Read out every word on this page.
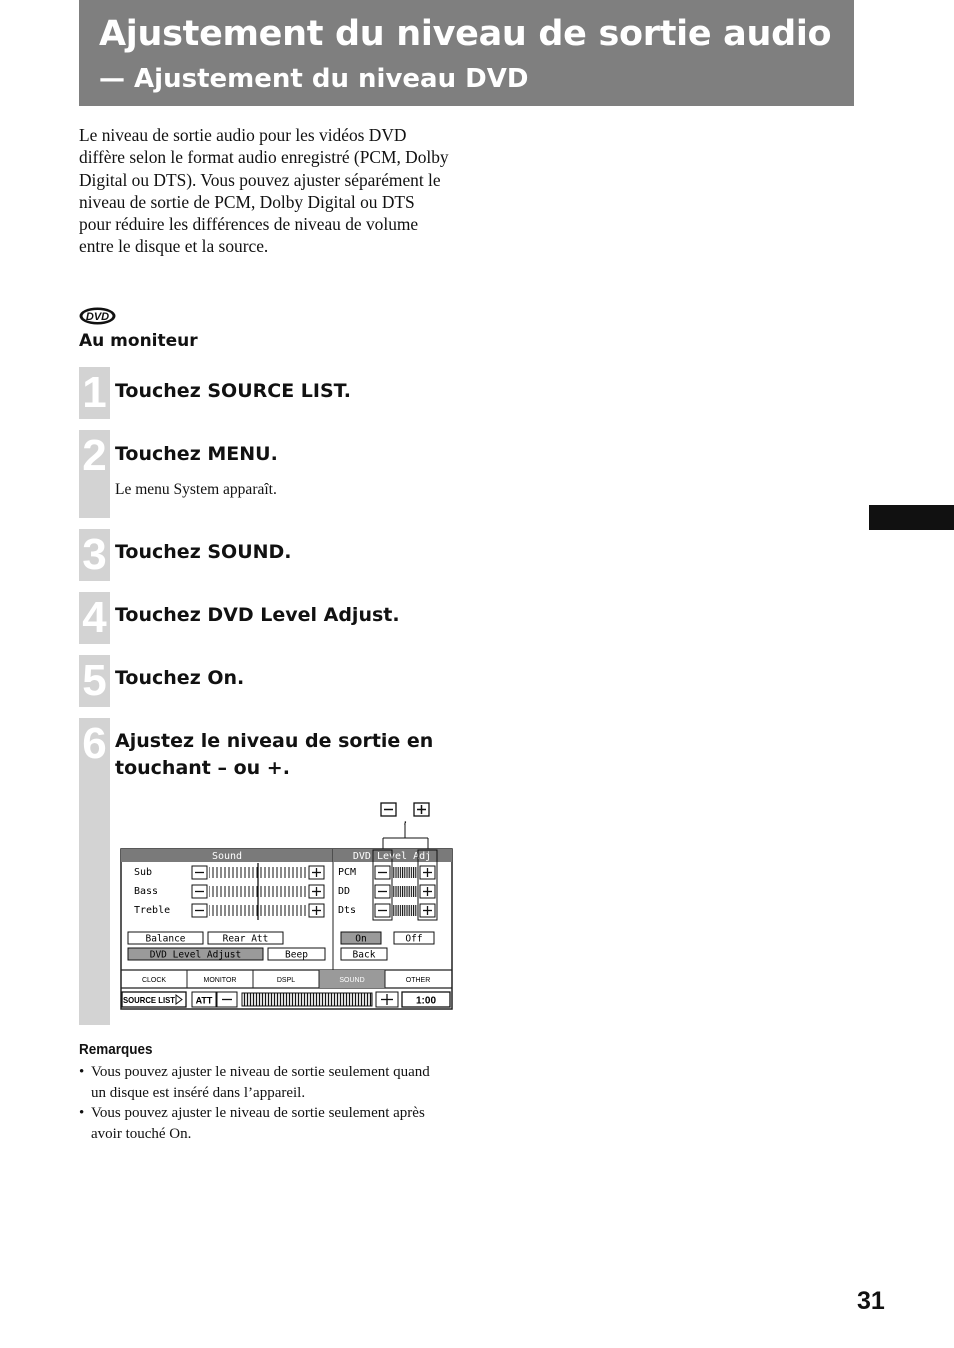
Ajustement du niveau de sortie audio
— Ajustement du niveau DVD
Le niveau de sortie audio pour les vidéos DVD diffère selon le format audio enregistré (PCM, Dolby Digital ou DTS). Vous pouvez ajuster séparément le niveau de sortie de PCM, Dolby Digital ou DTS pour réduire les différences de niveau de volume entre le disque et la source.
DVD
Au moniteur
1 Touchez SOURCE LIST.
2 Touchez MENU.
Le menu System apparaît.
3 Touchez SOUND.
4 Touchez DVD Level Adjust.
5 Touchez On.
6 Ajustez le niveau de sortie en
touchant – ou +.
,
Sound	DVD Level Adj
Sub
Bass
Treble
PCM
DD
Dts
Balance	Rear Att
DVD Level Adjust	Beep
On	Off
Back
CLOCK	MONITOR	DSPL	SOUND	OTHER
SOURCE LIST ATT	1:00
Remarques
• Vous pouvez ajuster le niveau de sortie seulement quand un disque est inséré dans l’appareil.
• Vous pouvez ajuster le niveau de sortie seulement après avoir touché On.
31
